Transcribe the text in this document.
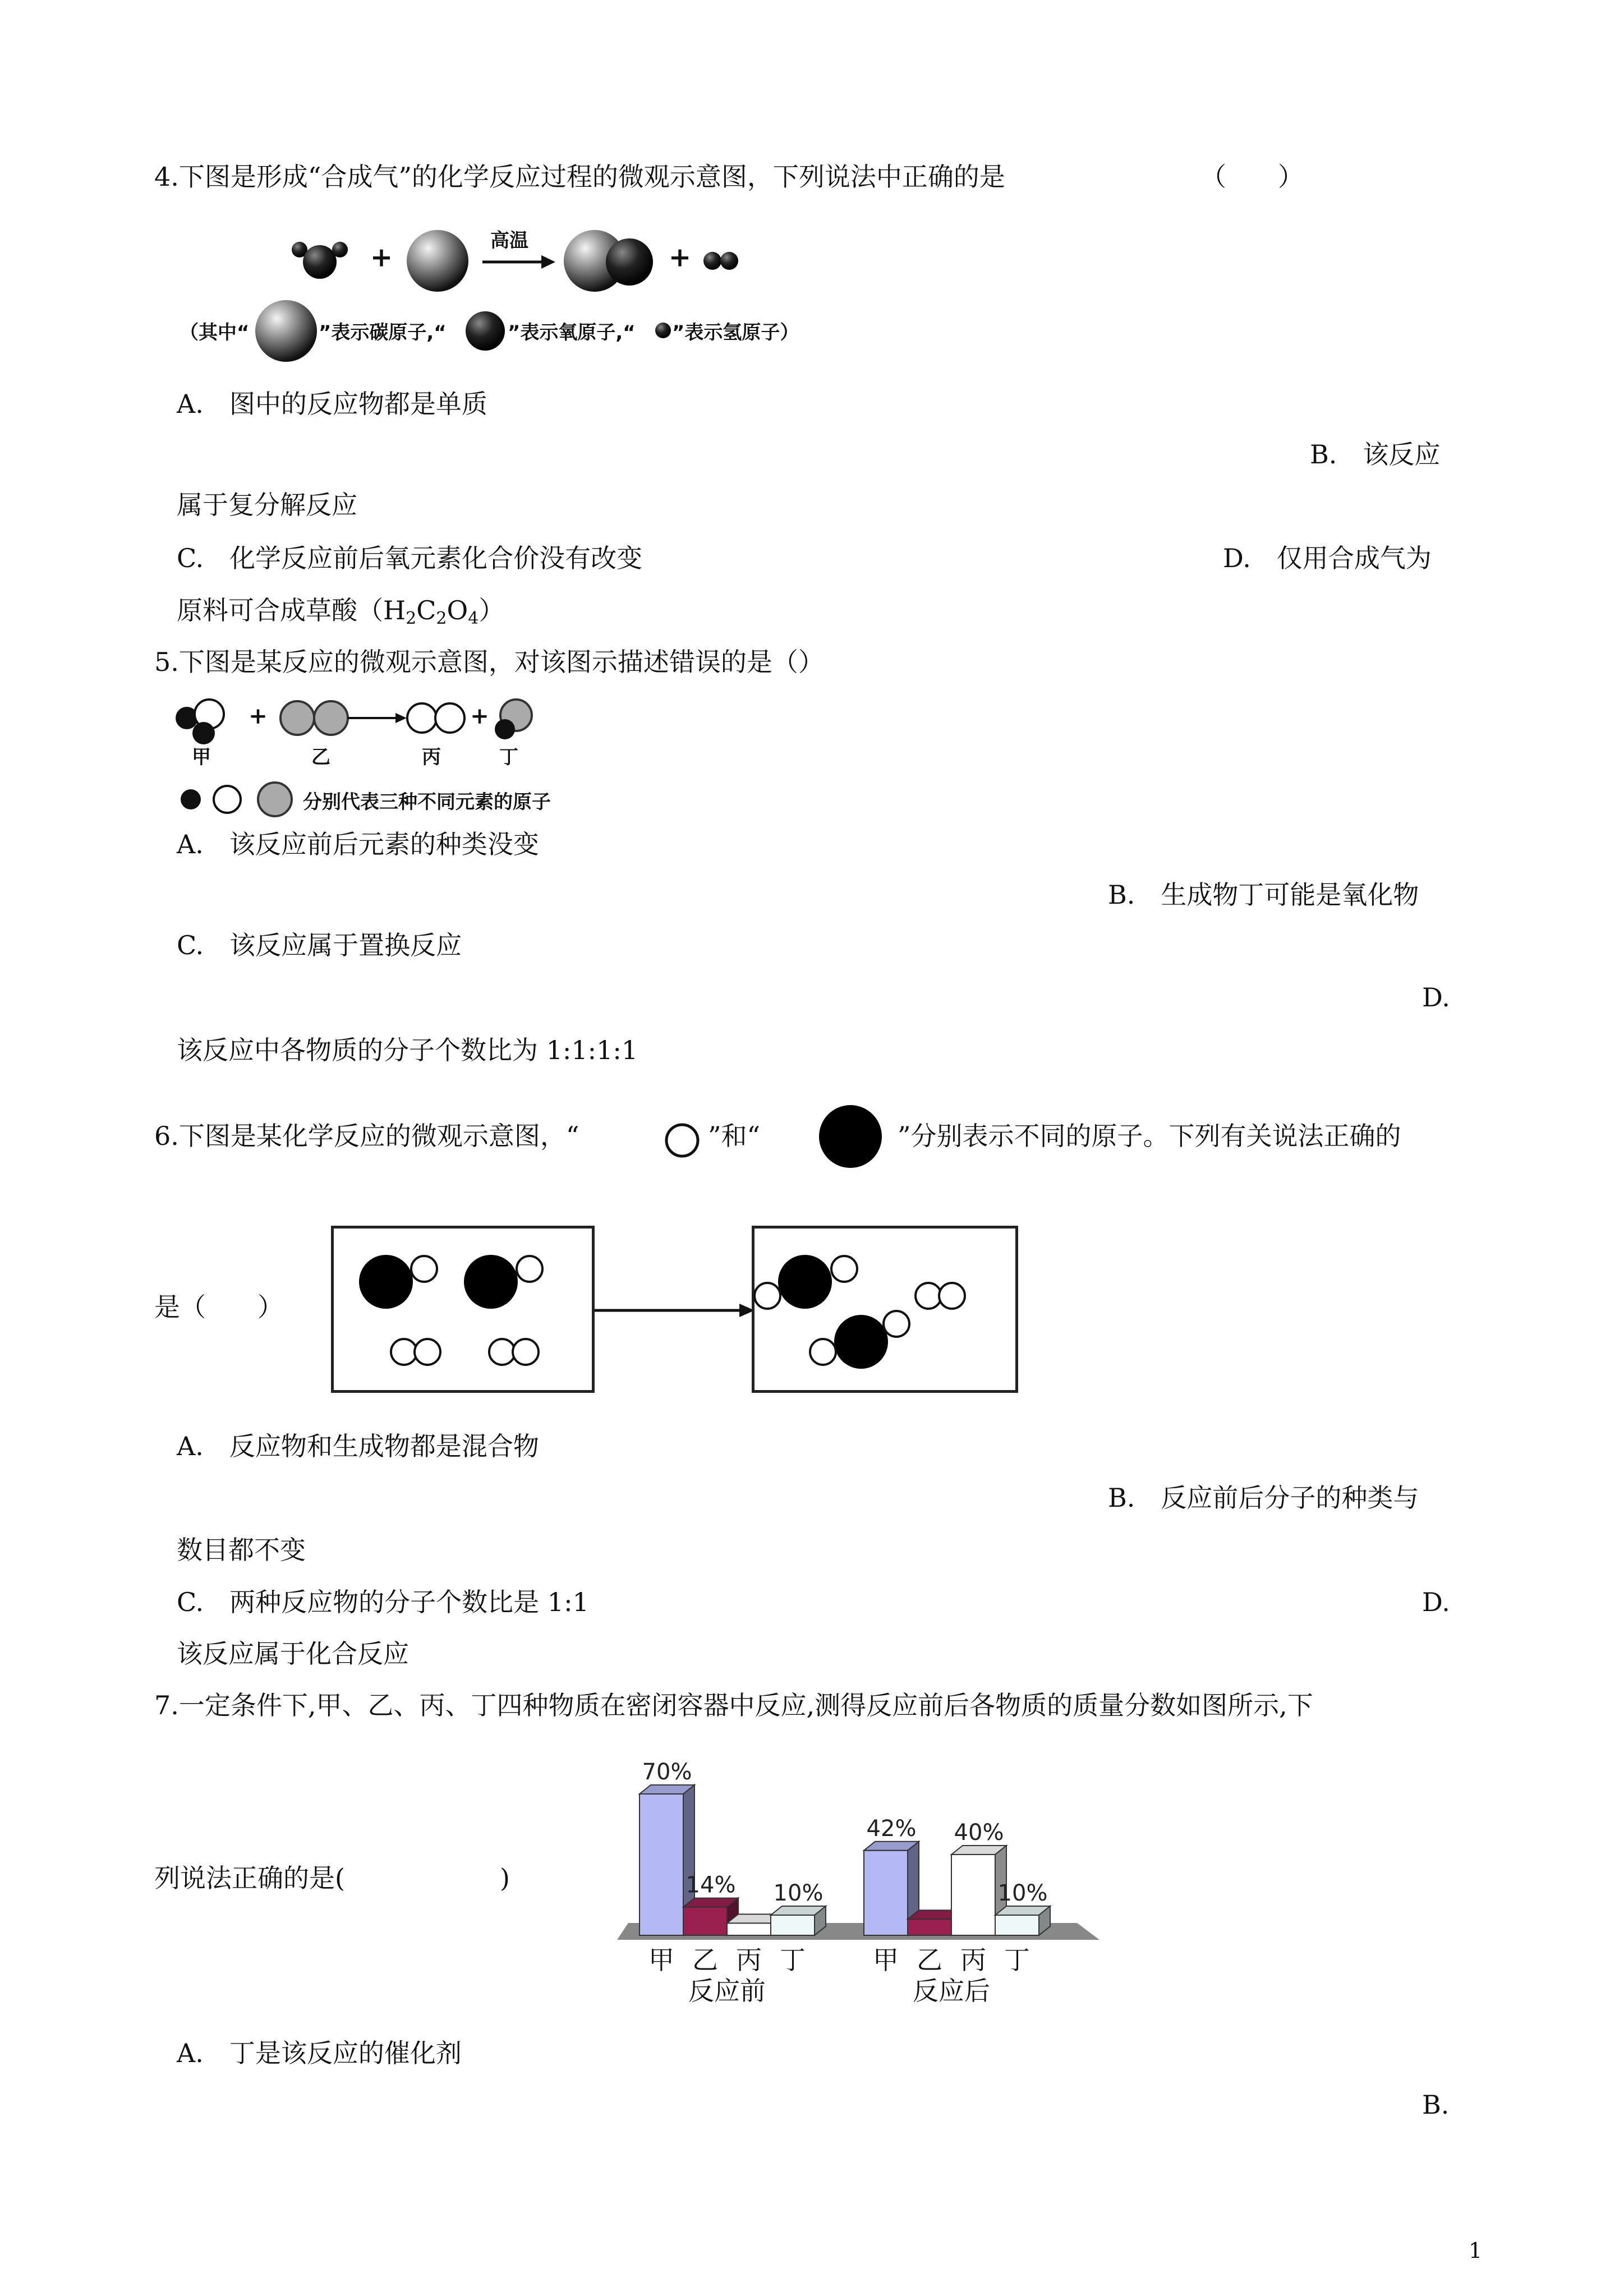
4.下图是形成“合成气”的化学反应过程的微观示意图，下列说法中正确的是	（　　）
+
高温
+
（其中“	”表示碳原子,“	”表示氧原子,“ ”表示氢原子）
A.　图中的反应物都是单质
B.　该反应
属于复分解反应
C.　化学反应前后氧元素化合价没有改变	D.　仅用合成气为
原料可合成草酸$(H_2C_2O_4)$
5.下图是某反应的微观示意图，对该图示描述错误的是（）
+	+
甲	乙	丙	丁
分别代表三种不同元素的原子
A.　该反应前后元素的种类没变
B.　生成物丁可能是氧化物
C.　该反应属于置换反应
D.
该反应中各物质的分子个数比为 1:1:1:1
6.下图是某化学反应的微观示意图，“	”和“	”分别表示不同的原子。下列有关说法正确的
是（　　）
A.　反应物和生成物都是混合物
B.　反应前后分子的种类与
数目都不变
C.　两种反应物的分子个数比是 1:1	D.
该反应属于化合反应
7.一定条件下,甲、乙、丙、丁四种物质在密闭容器中反应,测得反应前后各物质的质量分数如图所示,下
列说法正确的是(　　　　　　)
70%
甲
14%
乙 丙
10%
丁
反应前
42%
甲 乙
40%
丙
10%
丁
反应后
A.　丁是该反应的催化剂
B.
1
